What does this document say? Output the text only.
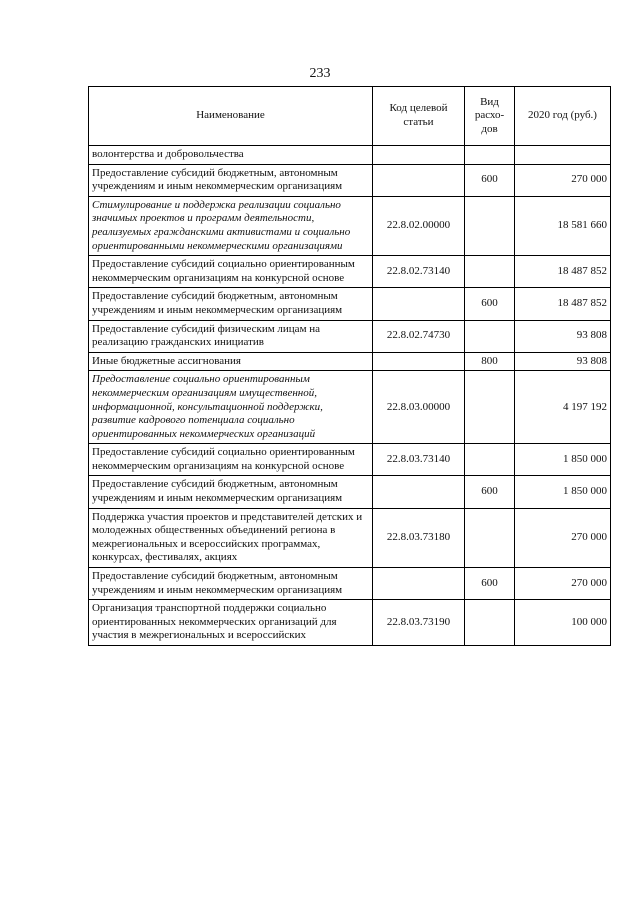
233
Наименование	Код целевой статьи	Вид расхо-дов	2020 год (руб.)
волонтерства и добровольчества			
Предоставление субсидий бюджетным, автономным учреждениям и иным некоммерческим организациям		600	270 000
Стимулирование и поддержка реализации социально значимых проектов и программ деятельности, реализуемых гражданскими активистами и социально ориентированными некоммерческими организациями	22.8.02.00000		18 581 660
Предоставление субсидий социально ориентированным некоммерческим организациям на конкурсной основе	22.8.02.73140		18 487 852
Предоставление субсидий бюджетным, автономным учреждениям и иным некоммерческим организациям		600	18 487 852
Предоставление субсидий физическим лицам на реализацию гражданских инициатив	22.8.02.74730		93 808
Иные бюджетные ассигнования		800	93 808
Предоставление социально ориентированным некоммерческим организациям имущественной, информационной, консультационной поддержки, развитие кадрового потенциала социально ориентированных некоммерческих организаций	22.8.03.00000		4 197 192
Предоставление субсидий социально ориентированным некоммерческим организациям на конкурсной основе	22.8.03.73140		1 850 000
Предоставление субсидий бюджетным, автономным учреждениям и иным некоммерческим организациям		600	1 850 000
Поддержка участия проектов и представителей детских и молодежных общественных объединений региона в межрегиональных и всероссийских программах, конкурсах, фестивалях, акциях	22.8.03.73180		270 000
Предоставление субсидий бюджетным, автономным учреждениям и иным некоммерческим организациям		600	270 000
Организация транспортной поддержки социально ориентированных некоммерческих организаций для участия в межрегиональных и всероссийских	22.8.03.73190		100 000
